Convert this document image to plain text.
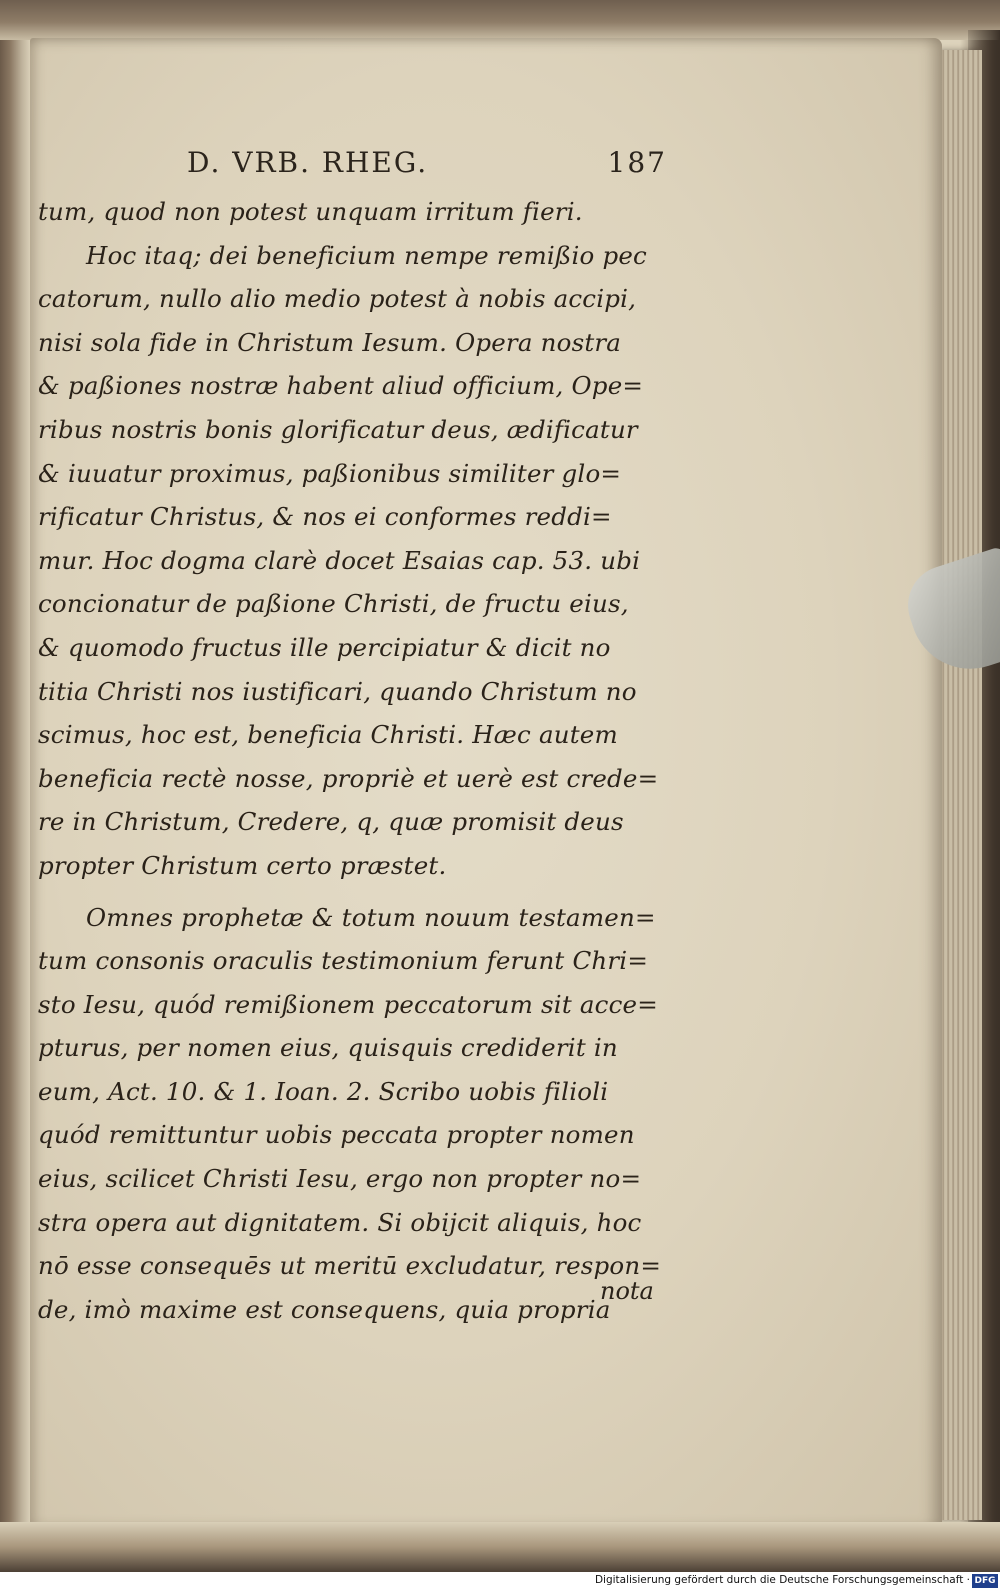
D. VRB. RHEG.	187
tum, quod non potest unquam irritum fieri.
Hoc itaq; dei beneficium nempe remißio pec
catorum, nullo alio medio potest à nobis accipi,
nisi sola fide in Christum Iesum. Opera nostra
& paßiones nostræ habent aliud officium, Ope=
ribus nostris bonis glorificatur deus, ædificatur
& iuuatur proximus, paßionibus similiter glo=
rificatur Christus, & nos ei conformes reddi=
mur. Hoc dogma clarè docet Esaias cap. 53. ubi
concionatur de paßione Christi, de fructu eius,
& quomodo fructus ille percipiatur & dicit no
titia Christi nos iustificari, quando Christum no
scimus, hoc est, beneficia Christi. Hæc autem
beneficia rectè nosse, propriè et uerè est crede=
re in Christum, Credere, q, quæ promisit deus
propter Christum certo præstet.
Omnes prophetæ & totum nouum testamen=
tum consonis oraculis testimonium ferunt Chri=
sto Iesu, quód remißionem peccatorum sit acce=
pturus, per nomen eius, quisquis crediderit in
eum, Act. 10. & 1. Ioan. 2. Scribo uobis filioli
quód remittuntur uobis peccata propter nomen
eius, scilicet Christi Iesu, ergo non propter no=
stra opera aut dignitatem. Si obijcit aliquis, hoc
nō esse consequēs ut meritū excludatur, respon=
de, imò maxime est consequens, quia propria
nota
Digitalisierung gefördert durch die Deutsche Forschungsgemeinschaft · DFG
